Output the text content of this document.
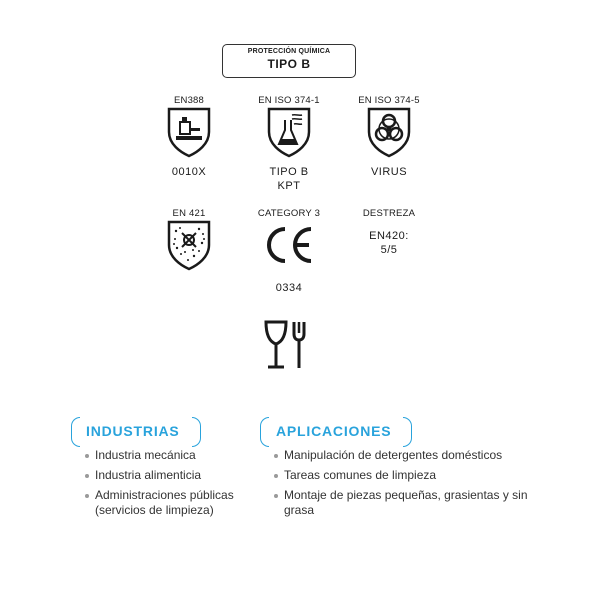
PROTECCIÓN QUÍMICA
TIPO B
EN388
0010X
EN ISO 374-1
TIPO B
KPT
EN ISO 374-5
VIRUS
EN 421	CATEGORY 3
0334
DESTREZA
EN420:
5/5
INDUSTRIAS
Industria mecánica
Industria alimenticia
Administraciones públicas (servicios de limpieza)
APLICACIONES
Manipulación de detergentes domésticos
Tareas comunes de limpieza
Montaje de piezas pequeñas, grasientas y sin grasa
